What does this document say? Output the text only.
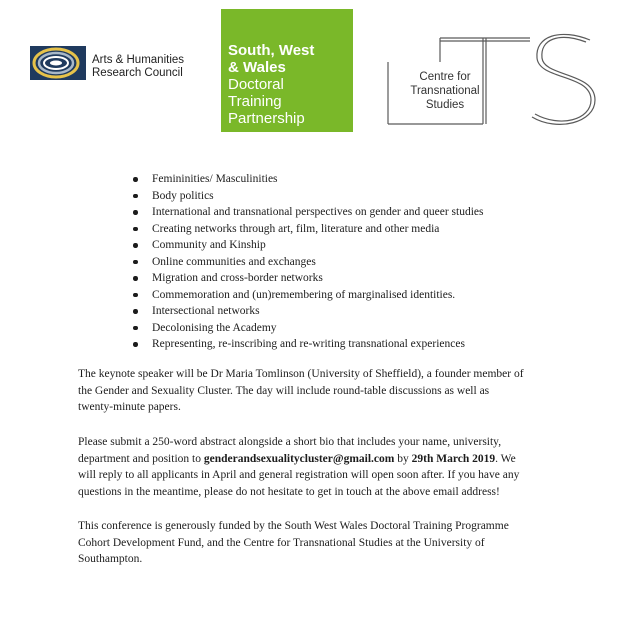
Arts & Humanities
Research Council
South, West
& Wales
Doctoral
Training
Partnership
Centre for
Transnational
Studies
Femininities/ Masculinities
Body politics
International and transnational perspectives on gender and queer studies
Creating networks through art, film, literature and other media
Community and Kinship
Online communities and exchanges
Migration and cross-border networks
Commemoration and (un)remembering of marginalised identities.
Intersectional networks
Decolonising the Academy
Representing, re-inscribing and re-writing transnational experiences
The keynote speaker will be Dr Maria Tomlinson (University of Sheffield), a founder member of
the Gender and Sexuality Cluster. The day will include round-table discussions as well as
twenty-minute papers.
Please submit a 250-word abstract alongside a short bio that includes your name, university,
department and position to genderandsexualitycluster@gmail.com by 29th March 2019. We
will reply to all applicants in April and general registration will open soon after. If you have any
questions in the meantime, please do not hesitate to get in touch at the above email address!
This conference is generously funded by the South West Wales Doctoral Training Programme
Cohort Development Fund, and the Centre for Transnational Studies at the University of
Southampton.
